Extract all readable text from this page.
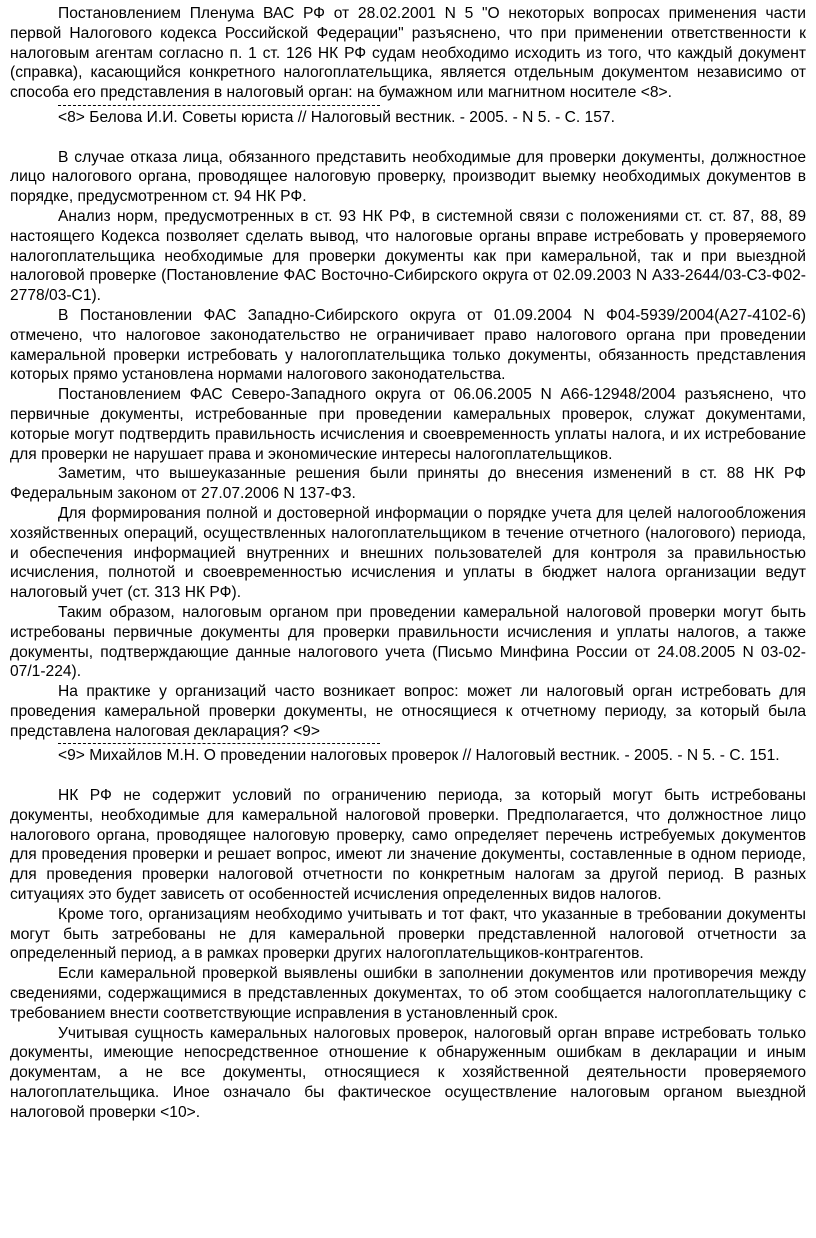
Постановлением Пленума ВАС РФ от 28.02.2001 N 5 "О некоторых вопросах применения части первой Налогового кодекса Российской Федерации" разъяснено, что при применении ответственности к налоговым агентам согласно п. 1 ст. 126 НК РФ судам необходимо исходить из того, что каждый документ (справка), касающийся конкретного налогоплательщика, является отдельным документом независимо от способа его представления в налоговый орган: на бумажном или магнитном носителе <8>.

<8> Белова И.И. Советы юриста // Налоговый вестник. - 2005. - N 5. - С. 157.

В случае отказа лица, обязанного представить необходимые для проверки документы, должностное лицо налогового органа, проводящее налоговую проверку, производит выемку необходимых документов в порядке, предусмотренном ст. 94 НК РФ.

Анализ норм, предусмотренных в ст. 93 НК РФ, в системной связи с положениями ст. ст. 87, 88, 89 настоящего Кодекса позволяет сделать вывод, что налоговые органы вправе истребовать у проверяемого налогоплательщика необходимые для проверки документы как при камеральной, так и при выездной налоговой проверке (Постановление ФАС Восточно-Сибирского округа от 02.09.2003 N А33-2644/03-С3-Ф02-2778/03-С1).

В Постановлении ФАС Западно-Сибирского округа от 01.09.2004 N Ф04-5939/2004(А27-4102-6) отмечено, что налоговое законодательство не ограничивает право налогового органа при проведении камеральной проверки истребовать у налогоплательщика только документы, обязанность представления которых прямо установлена нормами налогового законодательства.

Постановлением ФАС Северо-Западного округа от 06.06.2005 N А66-12948/2004 разъяснено, что первичные документы, истребованные при проведении камеральных проверок, служат документами, которые могут подтвердить правильность исчисления и своевременность уплаты налога, и их истребование для проверки не нарушает права и экономические интересы налогоплательщиков.

Заметим, что вышеуказанные решения были приняты до внесения изменений в ст. 88 НК РФ Федеральным законом от 27.07.2006 N 137-ФЗ.

Для формирования полной и достоверной информации о порядке учета для целей налогообложения хозяйственных операций, осуществленных налогоплательщиком в течение отчетного (налогового) периода, и обеспечения информацией внутренних и внешних пользователей для контроля за правильностью исчисления, полнотой и своевременностью исчисления и уплаты в бюджет налога организации ведут налоговый учет (ст. 313 НК РФ).

Таким образом, налоговым органом при проведении камеральной налоговой проверки могут быть истребованы первичные документы для проверки правильности исчисления и уплаты налогов, а также документы, подтверждающие данные налогового учета (Письмо Минфина России от 24.08.2005 N 03-02-07/1-224).

На практике у организаций часто возникает вопрос: может ли налоговый орган истребовать для проведения камеральной проверки документы, не относящиеся к отчетному периоду, за который была представлена налоговая декларация? <9>

<9> Михайлов М.Н. О проведении налоговых проверок // Налоговый вестник. - 2005. - N 5. - С. 151.

НК РФ не содержит условий по ограничению периода, за который могут быть истребованы документы, необходимые для камеральной налоговой проверки. Предполагается, что должностное лицо налогового органа, проводящее налоговую проверку, само определяет перечень истребуемых документов для проведения проверки и решает вопрос, имеют ли значение документы, составленные в одном периоде, для проведения проверки налоговой отчетности по конкретным налогам за другой период. В разных ситуациях это будет зависеть от особенностей исчисления определенных видов налогов.

Кроме того, организациям необходимо учитывать и тот факт, что указанные в требовании документы могут быть затребованы не для камеральной проверки представленной налоговой отчетности за определенный период, а в рамках проверки других налогоплательщиков-контрагентов.

Если камеральной проверкой выявлены ошибки в заполнении документов или противоречия между сведениями, содержащимися в представленных документах, то об этом сообщается налогоплательщику с требованием внести соответствующие исправления в установленный срок.

Учитывая сущность камеральных налоговых проверок, налоговый орган вправе истребовать только документы, имеющие непосредственное отношение к обнаруженным ошибкам в декларации и иным документам, а не все документы, относящиеся к хозяйственной деятельности проверяемого налогоплательщика. Иное означало бы фактическое осуществление налоговым органом выездной налоговой проверки <10>.
